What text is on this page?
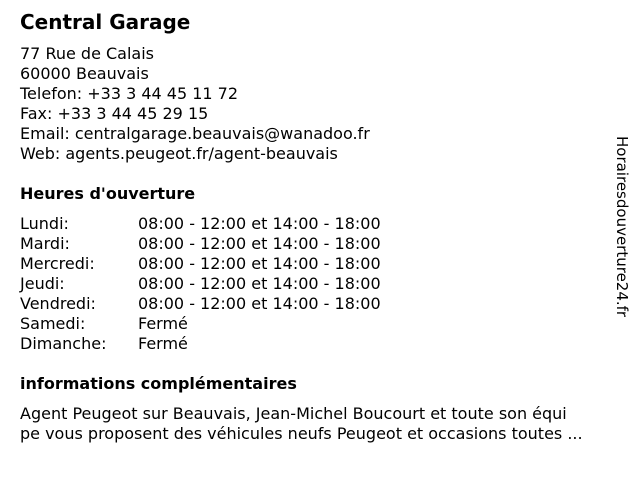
Central Garage
77 Rue de Calais
60000 Beauvais
Telefon: +33 3 44 45 11 72
Fax: +33 3 44 45 29 15
Email: centralgarage.beauvais@wanadoo.fr
Web: agents.peugeot.fr/agent-beauvais
Heures d'ouverture
Lundi:	08:00 - 12:00 et 14:00 - 18:00
Mardi:	08:00 - 12:00 et 14:00 - 18:00
Mercredi:	08:00 - 12:00 et 14:00 - 18:00
Jeudi:	08:00 - 12:00 et 14:00 - 18:00
Vendredi:	08:00 - 12:00 et 14:00 - 18:00
Samedi:	Fermé
Dimanche: Fermé
informations complémentaires
Agent Peugeot sur Beauvais, Jean-Michel Boucourt et toute son équi
pe vous proposent des véhicules neufs Peugeot et occasions toutes ...
Horairesdouverture24.fr
